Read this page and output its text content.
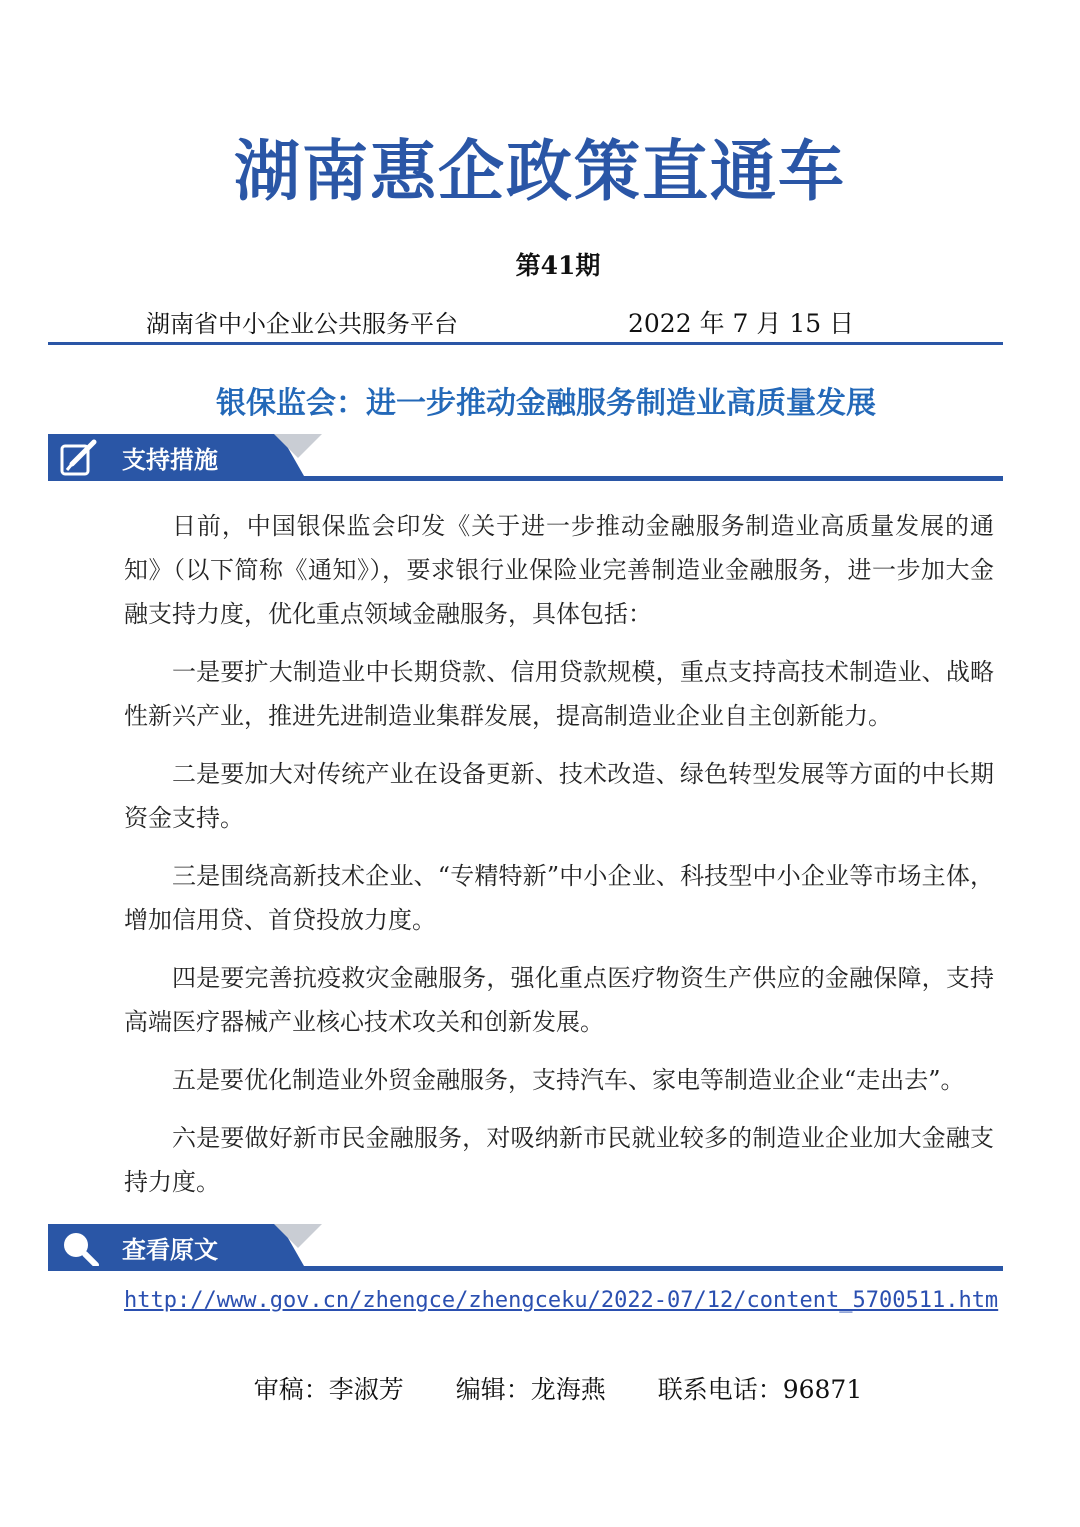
湖南惠企政策直通车
第41期
湖南省中小企业公共服务平台	2022 年 7 月 15 日
银保监会：进一步推动金融服务制造业高质量发展
支持措施

日前，中国银保监会印发《关于进一步推动金融服务制造业高质量发展的通知》（以下简称《通知》），要求银行业保险业完善制造业金融服务，进一步加大金融支持力度，优化重点领域金融服务，具体包括：

一是要扩大制造业中长期贷款、信用贷款规模，重点支持高技术制造业、战略性新兴产业，推进先进制造业集群发展，提高制造业企业自主创新能力。

二是要加大对传统产业在设备更新、技术改造、绿色转型发展等方面的中长期资金支持。

三是围绕高新技术企业、“专精特新”中小企业、科技型中小企业等市场主体，增加信用贷、首贷投放力度。

四是要完善抗疫救灾金融服务，强化重点医疗物资生产供应的金融保障，支持高端医疗器械产业核心技术攻关和创新发展。

五是要优化制造业外贸金融服务，支持汽车、家电等制造业企业“走出去”。

六是要做好新市民金融服务，对吸纳新市民就业较多的制造业企业加大金融支持力度。

查看原文
http://www.gov.cn/zhengce/zhengceku/2022-07/12/content_5700511.htm
审稿：李淑芳 编辑：龙海燕 联系电话：96871
